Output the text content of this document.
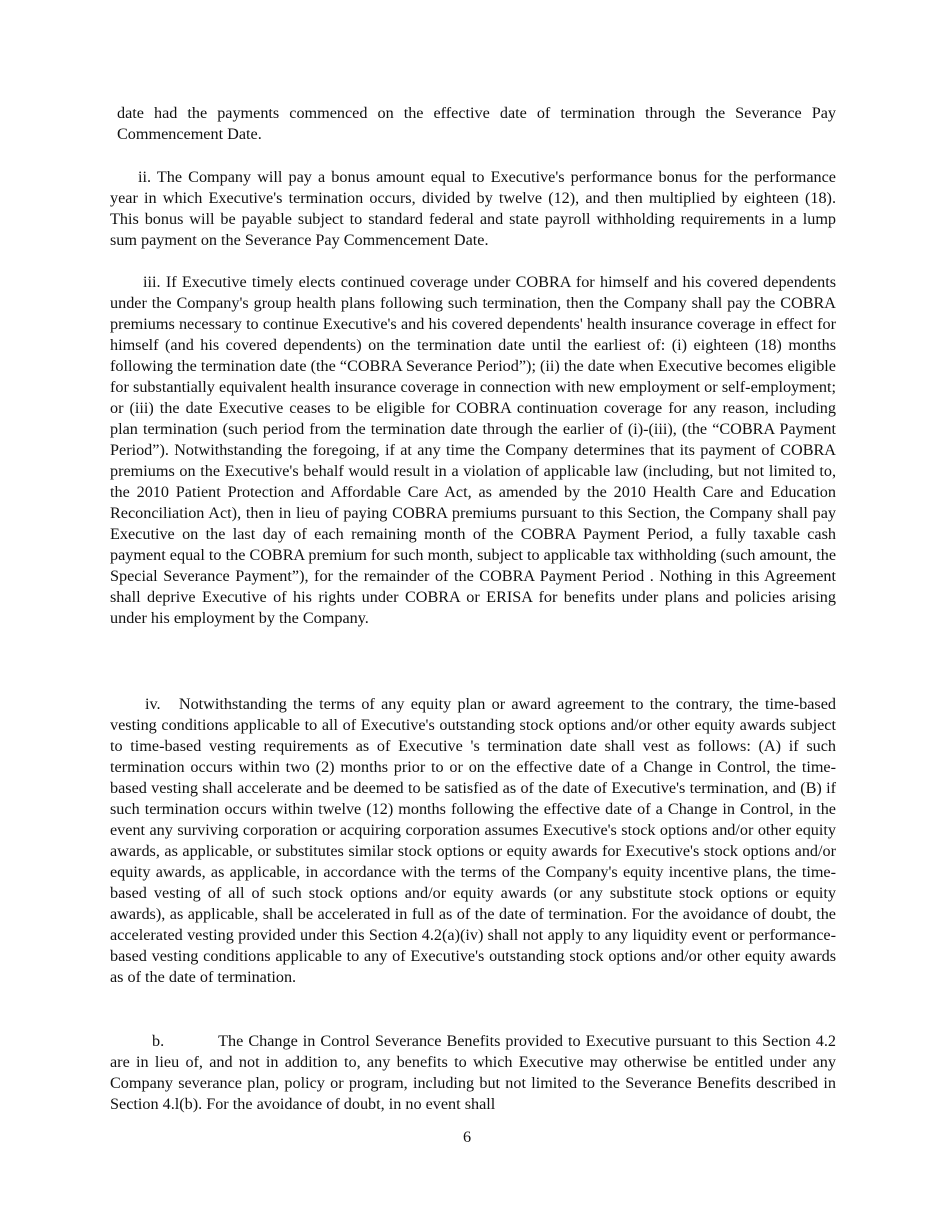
date had the payments commenced on the effective date of termination through the Severance Pay Commencement Date.

ii. The Company will pay a bonus amount equal to Executive's performance bonus for the performance year in which Executive's termination occurs, divided by twelve (12), and then multiplied by eighteen (18). This bonus will be payable subject to standard federal and state payroll withholding requirements in a lump sum payment on the Severance Pay Commencement Date.

iii. If Executive timely elects continued coverage under COBRA for himself and his covered dependents under the Company's group health plans following such termination, then the Company shall pay the COBRA premiums necessary to continue Executive's and his covered dependents' health insurance coverage in effect for himself (and his covered dependents) on the termination date until the earliest of: (i) eighteen (18) months following the termination date (the “COBRA Severance Period”); (ii) the date when Executive becomes eligible for substantially equivalent health insurance coverage in connection with new employment or self-employment; or (iii) the date Executive ceases to be eligible for COBRA continuation coverage for any reason, including plan termination (such period from the termination date through the earlier of (i)-(iii), (the “COBRA Payment Period”). Notwithstanding the foregoing, if at any time the Company determines that its payment of COBRA premiums on the Executive's behalf would result in a violation of applicable law (including, but not limited to, the 2010 Patient Protection and Affordable Care Act, as amended by the 2010 Health Care and Education Reconciliation Act), then in lieu of paying COBRA premiums pursuant to this Section, the Company shall pay Executive on the last day of each remaining month of the COBRA Payment Period, a fully taxable cash payment equal to the COBRA premium for such month, subject to applicable tax withholding (such amount, the Special Severance Payment”), for the remainder of the COBRA Payment Period . Nothing in this Agreement shall deprive Executive of his rights under COBRA or ERISA for benefits under plans and policies arising under his employment by the Company.

iv. Notwithstanding the terms of any equity plan or award agreement to the contrary, the time-based vesting conditions applicable to all of Executive's outstanding stock options and/or other equity awards subject to time-based vesting requirements as of Executive 's termination date shall vest as follows: (A) if such termination occurs within two (2) months prior to or on the effective date of a Change in Control, the time-based vesting shall accelerate and be deemed to be satisfied as of the date of Executive's termination, and (B) if such termination occurs within twelve (12) months following the effective date of a Change in Control, in the event any surviving corporation or acquiring corporation assumes Executive's stock options and/or other equity awards, as applicable, or substitutes similar stock options or equity awards for Executive's stock options and/or equity awards, as applicable, in accordance with the terms of the Company's equity incentive plans, the time-based vesting of all of such stock options and/or equity awards (or any substitute stock options or equity awards), as applicable, shall be accelerated in full as of the date of termination. For the avoidance of doubt, the accelerated vesting provided under this Section 4.2(a)(iv) shall not apply to any liquidity event or performance-based vesting conditions applicable to any of Executive's outstanding stock options and/or other equity awards as of the date of termination.

b.	The Change in Control Severance Benefits provided to Executive pursuant to this Section 4.2 are in lieu of, and not in addition to, any benefits to which Executive may otherwise be entitled under any Company severance plan, policy or program, including but not limited to the Severance Benefits described in Section 4.l(b). For the avoidance of doubt, in no event shall

6
